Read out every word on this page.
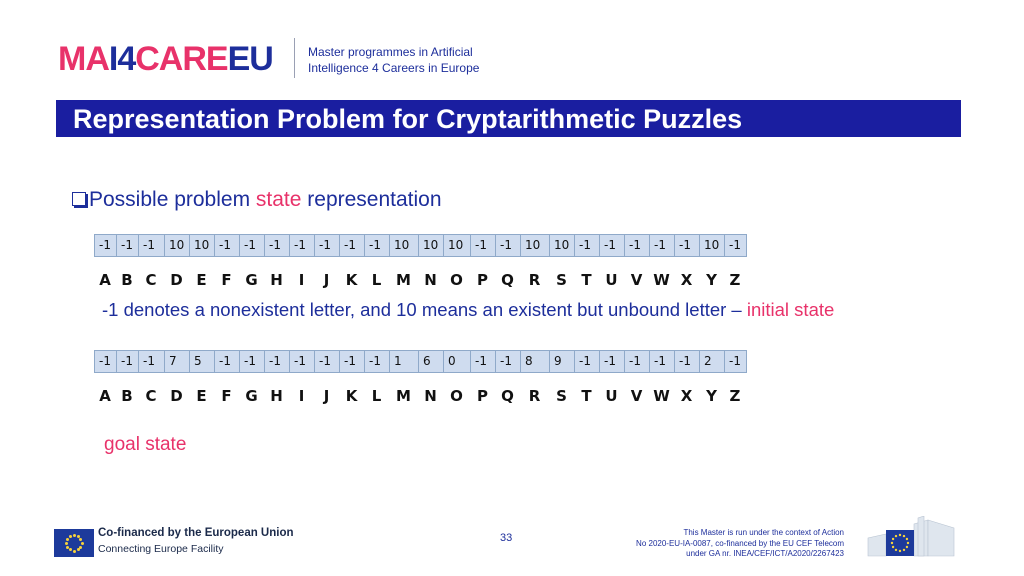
MAI4CAREEU	Master programmes in Artificial
Intelligence 4 Careers in Europe
Representation Problem for Cryptarithmetic Puzzles
Possible problem state representation
-1	-1	-1	10	10	-1	-1	-1	-1	-1	-1	-1	10	10	10	-1	-1	10	10	-1	-1	-1	-1	-1	10	-1
A B C D E F G H	I	J	K L M N O P Q R	S T U V W X Y Z
-1 denotes a nonexistent letter, and 10 means an existent but unbound letter – initial state
-1	-1	-1	7	5	-1	-1	-1	-1	-1	-1	-1	1	6	0	-1	-1	8	9	-1	-1	-1	-1	-1	2	-1
A B C D E F G H	I	J	K L M N O P Q R	S T U V W X Y Z
goal state
Co-financed by the European Union
Connecting Europe Facility
33	This Master is run under the context of Action
No 2020-EU-IA-0087, co-financed by the EU CEF Telecom
under GA nr. INEA/CEF/ICT/A2020/2267423
